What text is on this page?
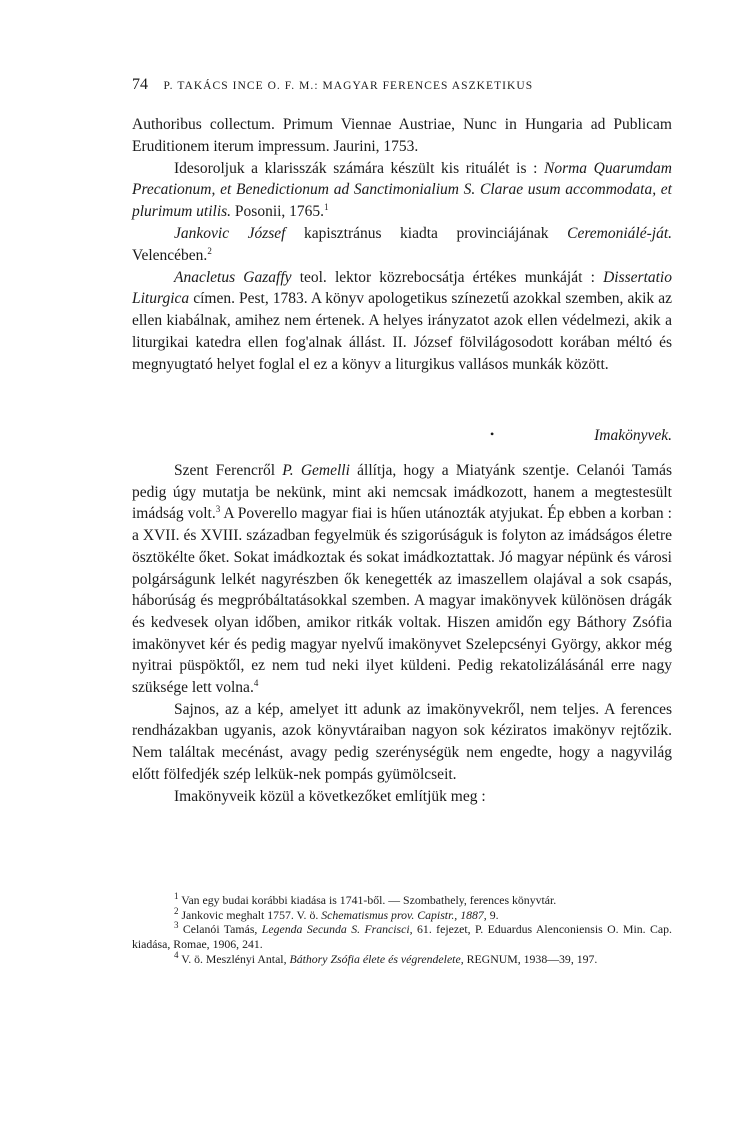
74 P. TAKÁCS INCE O. F. M.: MAGYAR FERENCES ASZKETIKUS

Authoribus collectum. Primum Viennae Austriae, Nunc in Hungaria ad Publicam Eruditionem iterum impressum. Jaurini, 1753.

Idesoroljuk a klarisszák számára készült kis rituálét is : Norma Quarumdam Precationum, et Benedictionum ad Sanctimonialium S. Clarae usum accommodata, et plurimum utilis. Posonii, 1765.$^1$

Jankovic József kapisztránus kiadta provinciájának Ceremoniálé-ját. Velencében.$^2$

Anacletus Gazaffy teol. lektor közrebocsátja értékes munkáját : Dissertatio Liturgica címen. Pest, 1783. A könyv apologetikus színezetű azokkal szemben, akik az ellen kiabálnak, amihez nem értenek. A helyes irányzatot azok ellen védelmezi, akik a liturgikai katedra ellen fog'alnak állást. II. József fölvilágosodott korában méltó és megnyugtató helyet foglal el ez a könyv a liturgikus vallásos munkák között.

•	Imakönyvek.

Szent Ferencről P. Gemelli állítja, hogy a Miatyánk szentje. Celanói Tamás pedig úgy mutatja be nekünk, mint aki nemcsak imádkozott, hanem a megtestesült imádság volt.$^3$ A Poverello magyar fiai is hűen utánozták atyjukat. Ép ebben a korban : a XVII. és XVIII. században fegyelmük és szigorúságuk is folyton az imádságos életre ösztökélte őket. Sokat imádkoztak és sokat imádkoztattak. Jó magyar népünk és városi polgárságunk lelkét nagyrészben ők kenegették az imaszellem olajával a sok csapás, háborúság és megpróbáltatásokkal szemben. A magyar imakönyvek különösen drágák és kedvesek olyan időben, amikor ritkák voltak. Hiszen amidőn egy Báthory Zsófia imakönyvet kér és pedig magyar nyelvű imakönyvet Szelepcsényi György, akkor még nyitrai püspöktől, ez nem tud neki ilyet küldeni. Pedig rekatolizálásánál erre nagy szüksége lett volna.$^4$

Sajnos, az a kép, amelyet itt adunk az imakönyvekről, nem teljes. A ferences rendházakban ugyanis, azok könyvtáraiban nagyon sok kéziratos imakönyv rejtőzik. Nem találtak mecénást, avagy pedig szerénységük nem engedte, hogy a nagyvilág előtt fölfedjék szép lelkük-nek pompás gyümölcseit.

Imakönyveik közül a következőket említjük meg :

$^1$ Van egy budai korábbi kiadása is 1741-ből. — Szombathely, ferences könyvtár.

$^2$ Jankovic meghalt 1757. V. ö. Schematismus prov. Capistr., 1887, 9.

$^3$ Celanói Tamás, Legenda Secunda S. Francisci, 61. fejezet, P. Eduardus Alenconiensis O. Min. Cap. kiadása, Romae, 1906, 241.

$^4$ V. ö. Meszlényi Antal, Báthory Zsófia élete és végrendelete, REGNUM, 1938—39, 197.
